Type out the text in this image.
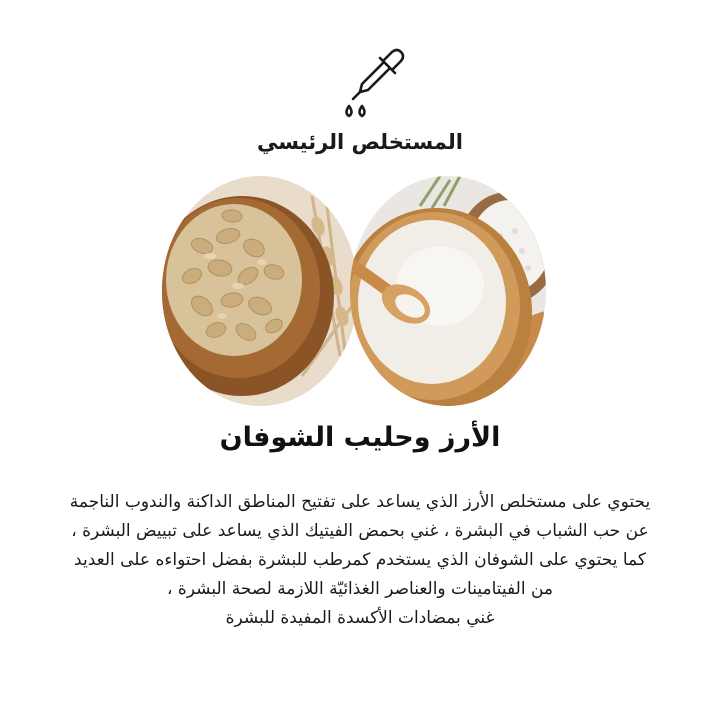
المستخلص الرئيسي
الأرز وحليب الشوفان
يحتوي على مستخلص الأرز الذي يساعد على تفتيح المناطق الداكنة والندوب الناجمة
عن حب الشباب في البشرة ، غني بحمض الفيتيك الذي يساعد على تبييض البشرة ،
كما يحتوي على الشوفان الذي يستخدم كمرطب للبشرة بفضل احتواءه على العديد
من الفيتامينات والعناصر الغذائيّة اللازمة لصحة البشرة ،
غني بمضادات الأكسدة المفيدة للبشرة
